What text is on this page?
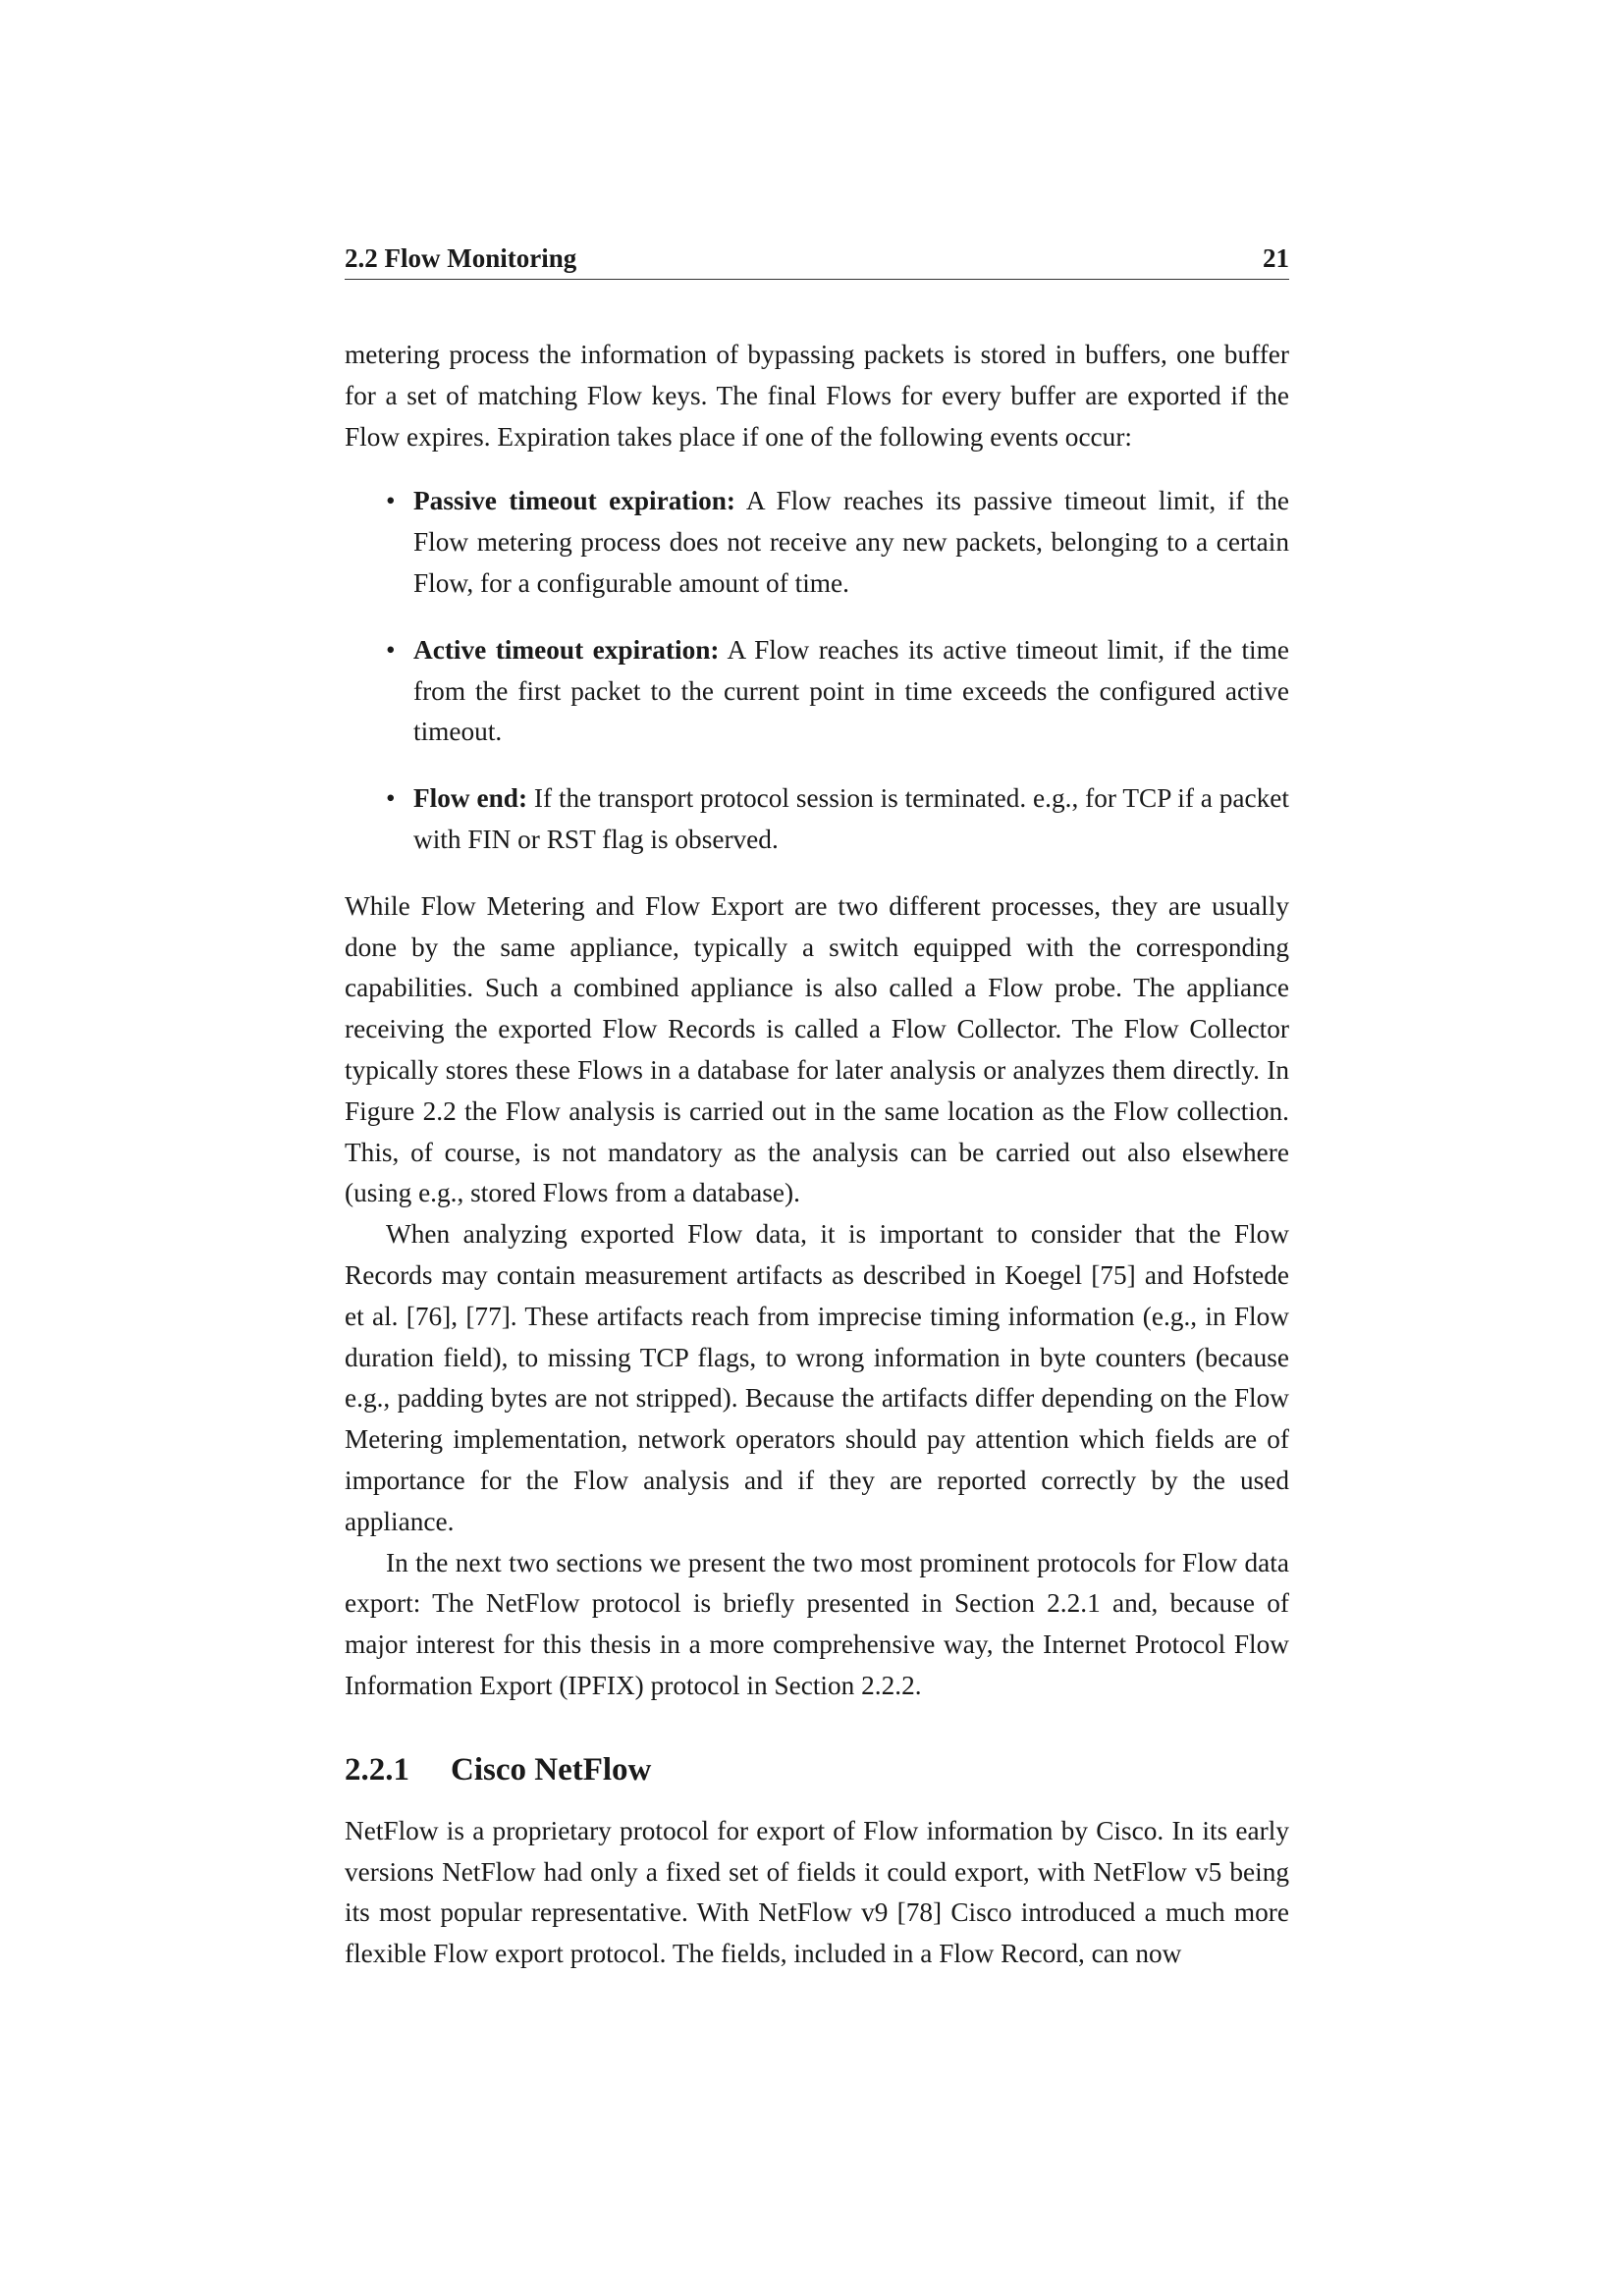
2.2 Flow Monitoring	21

metering process the information of bypassing packets is stored in buffers, one buffer for a set of matching Flow keys. The final Flows for every buffer are exported if the Flow expires. Expiration takes place if one of the following events occur:

• Passive timeout expiration: A Flow reaches its passive timeout limit, if the Flow metering process does not receive any new packets, belonging to a certain Flow, for a configurable amount of time.
• Active timeout expiration: A Flow reaches its active timeout limit, if the time from the first packet to the current point in time exceeds the configured active timeout.
• Flow end: If the transport protocol session is terminated. e.g., for TCP if a packet with FIN or RST flag is observed.

While Flow Metering and Flow Export are two different processes, they are usually done by the same appliance, typically a switch equipped with the corresponding capabilities. Such a combined appliance is also called a Flow probe. The appliance receiving the exported Flow Records is called a Flow Collector. The Flow Collector typically stores these Flows in a database for later analysis or analyzes them directly. In Figure 2.2 the Flow analysis is carried out in the same location as the Flow collection. This, of course, is not mandatory as the analysis can be carried out also elsewhere (using e.g., stored Flows from a database).

When analyzing exported Flow data, it is important to consider that the Flow Records may contain measurement artifacts as described in Koegel [75] and Hofstede et al. [76], [77]. These artifacts reach from imprecise timing information (e.g., in Flow duration field), to missing TCP flags, to wrong information in byte counters (because e.g., padding bytes are not stripped). Because the artifacts differ depending on the Flow Metering implementation, network operators should pay attention which fields are of importance for the Flow analysis and if they are reported correctly by the used appliance.

In the next two sections we present the two most prominent protocols for Flow data export: The NetFlow protocol is briefly presented in Section 2.2.1 and, because of major interest for this thesis in a more comprehensive way, the Internet Protocol Flow Information Export (IPFIX) protocol in Section 2.2.2.

2.2.1 Cisco NetFlow

NetFlow is a proprietary protocol for export of Flow information by Cisco. In its early versions NetFlow had only a fixed set of fields it could export, with NetFlow v5 being its most popular representative. With NetFlow v9 [78] Cisco introduced a much more flexible Flow export protocol. The fields, included in a Flow Record, can now
